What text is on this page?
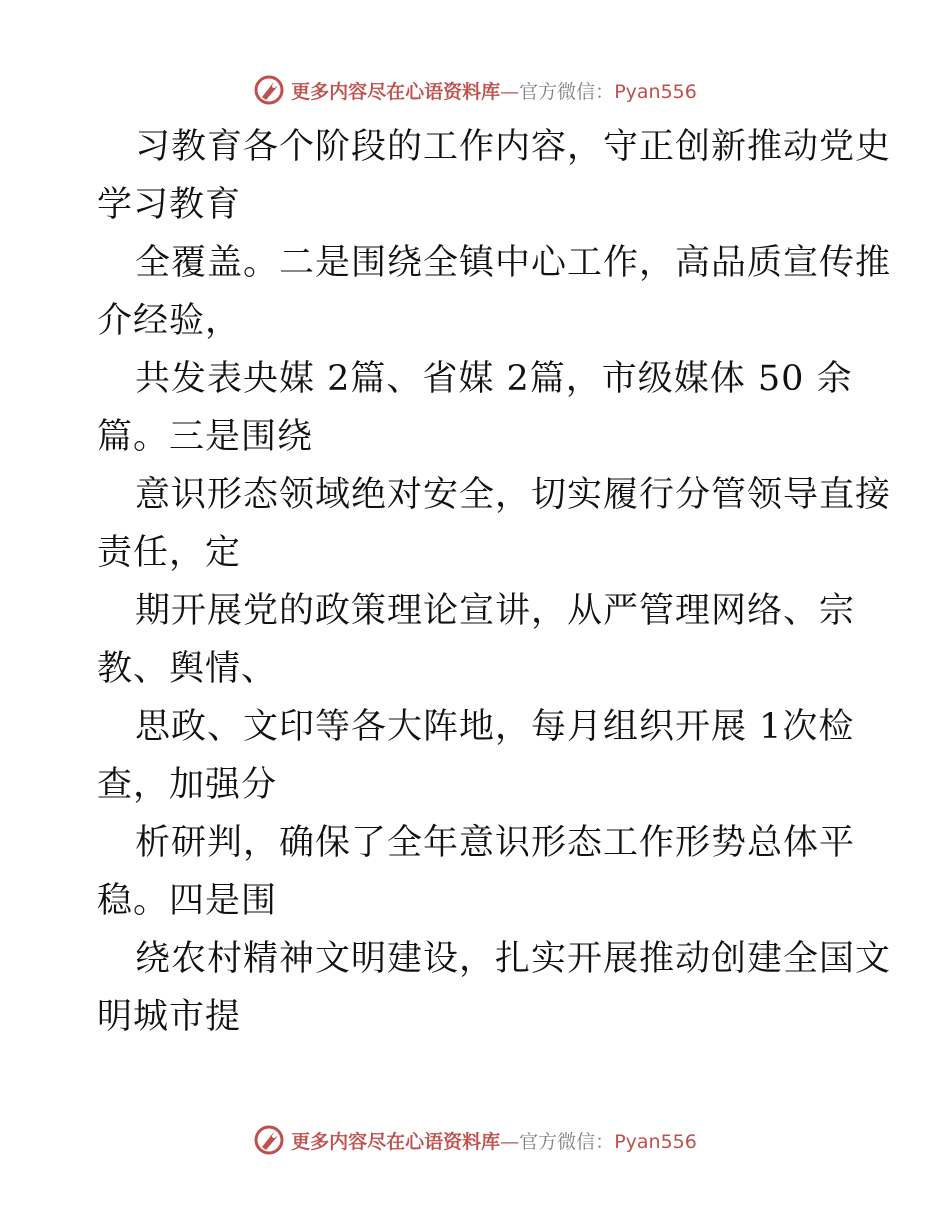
更多内容尽在心语资料库—官方微信：Pyan556
习教育各个阶段的工作内容，守正创新推动党史
学习教育
全覆盖。二是围绕全镇中心工作，高品质宣传推
介经验，
共发表央媒 2篇、省媒 2篇，市级媒体 50 余
篇。三是围绕
意识形态领域绝对安全，切实履行分管领导直接
责任，定
期开展党的政策理论宣讲，从严管理网络、宗
教、舆情、
思政、文印等各大阵地，每月组织开展 1次检
查，加强分
析研判，确保了全年意识形态工作形势总体平
稳。四是围
绕农村精神文明建设，扎实开展推动创建全国文
明城市提
更多内容尽在心语资料库—官方微信：Pyan556
